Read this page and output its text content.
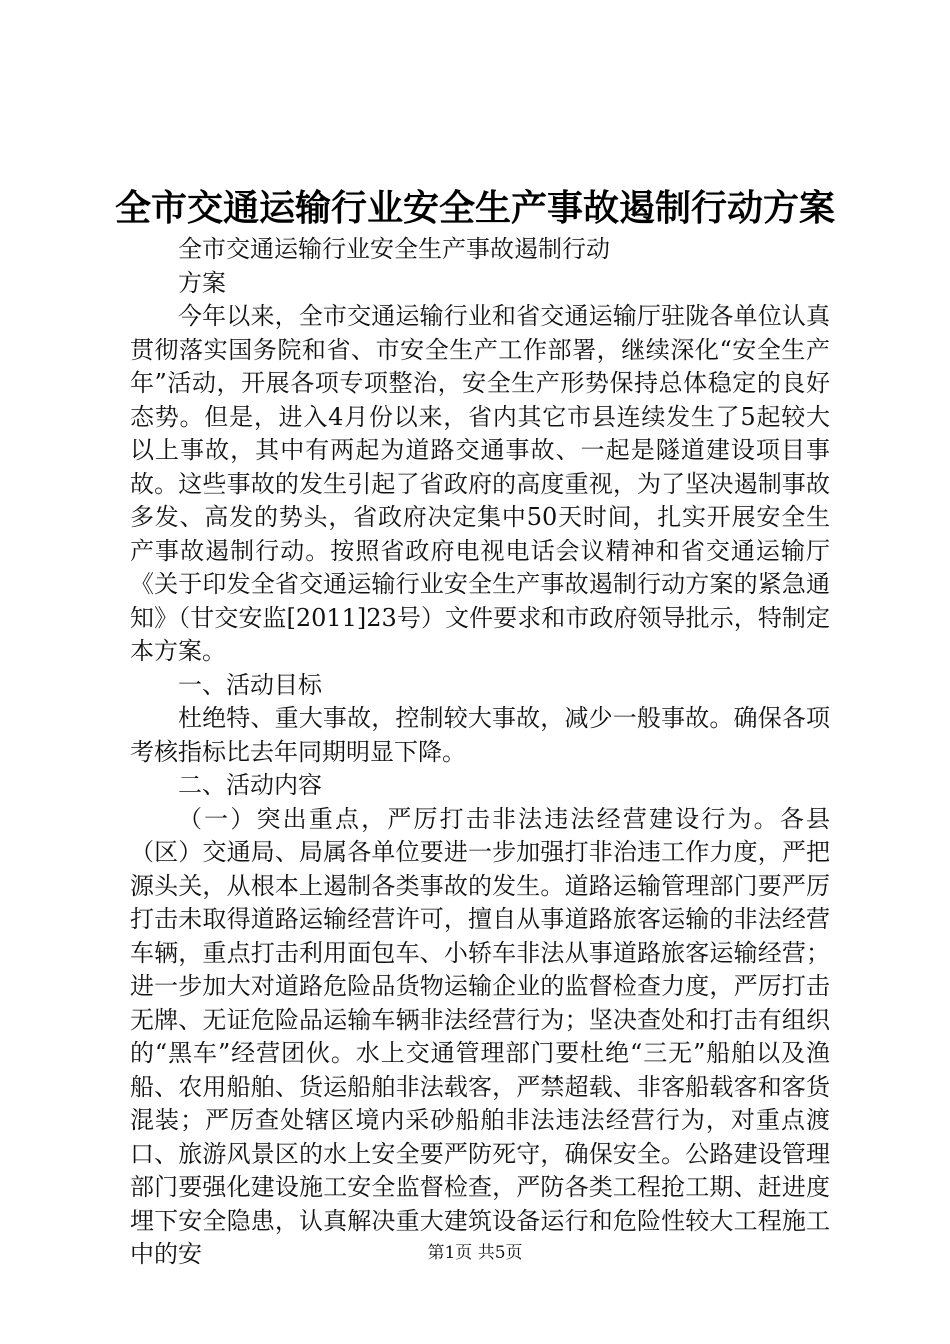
全市交通运输行业安全生产事故遏制行动方案

全市交通运输行业安全生产事故遏制行动

方案

今年以来，全市交通运输行业和省交通运输厅驻陇各单位认真贯彻落实国务院和省、市安全生产工作部署，继续深化“安全生产年”活动，开展各项专项整治，安全生产形势保持总体稳定的良好态势。但是，进入4月份以来，省内其它市县连续发生了5起较大以上事故，其中有两起为道路交通事故、一起是隧道建设项目事故。这些事故的发生引起了省政府的高度重视，为了坚决遏制事故多发、高发的势头，省政府决定集中50天时间，扎实开展安全生产事故遏制行动。按照省政府电视电话会议精神和省交通运输厅《关于印发全省交通运输行业安全生产事故遏制行动方案的紧急通知》（甘交安监[2011]23号）文件要求和市政府领导批示，特制定本方案。

一、活动目标

杜绝特、重大事故，控制较大事故，减少一般事故。确保各项考核指标比去年同期明显下降。

二、活动内容

（一）突出重点，严厉打击非法违法经营建设行为。各县（区）交通局、局属各单位要进一步加强打非治违工作力度，严把源头关，从根本上遏制各类事故的发生。道路运输管理部门要严厉打击未取得道路运输经营许可，擅自从事道路旅客运输的非法经营车辆，重点打击利用面包车、小轿车非法从事道路旅客运输经营；进一步加大对道路危险品货物运输企业的监督检查力度，严厉打击无牌、无证危险品运输车辆非法经营行为；坚决查处和打击有组织的“黑车”经营团伙。水上交通管理部门要杜绝“三无”船舶以及渔船、农用船舶、货运船舶非法载客，严禁超载、非客船载客和客货混装；严厉查处辖区境内采砂船舶非法违法经营行为，对重点渡口、旅游风景区的水上安全要严防死守，确保安全。公路建设管理部门要强化建设施工安全监督检查，严防各类工程抢工期、赶进度埋下安全隐患，认真解决重大建筑设备运行和危险性较大工程施工中的安	第1页 共5页
